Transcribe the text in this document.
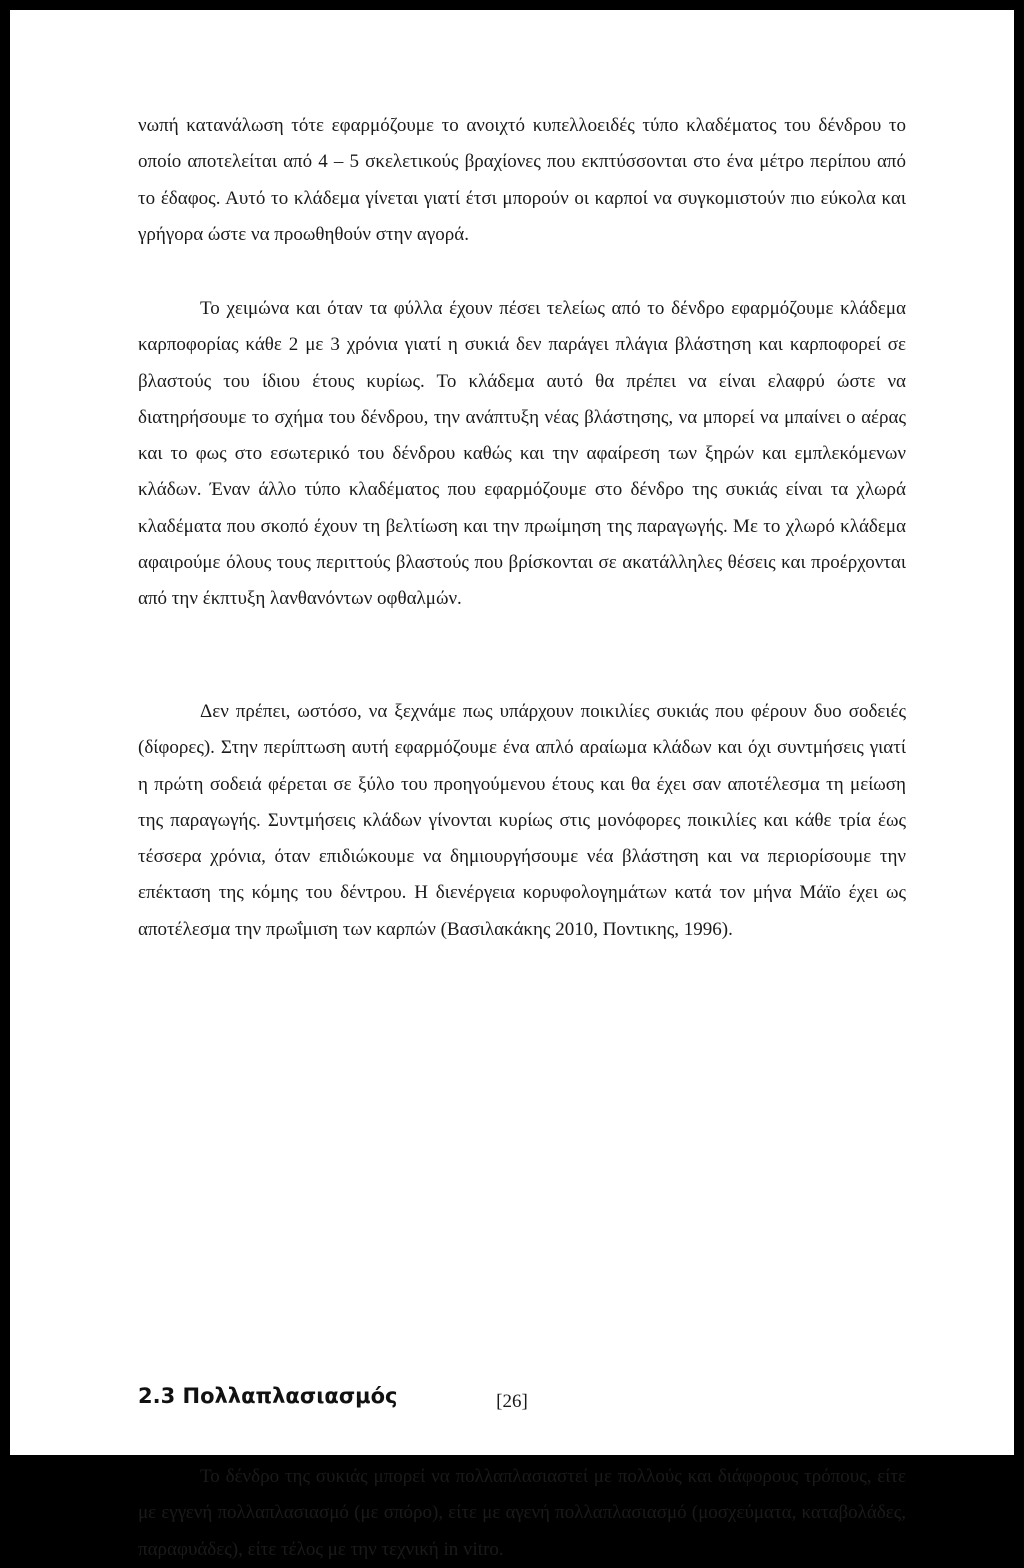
νωπή κατανάλωση τότε εφαρμόζουμε το ανοιχτό κυπελλοειδές τύπο κλαδέματος του δένδρου το οποίο αποτελείται από 4 – 5 σκελετικούς βραχίονες που εκπτύσσονται στο ένα μέτρο περίπου από το έδαφος. Αυτό το κλάδεμα γίνεται γιατί έτσι μπορούν οι καρποί να συγκομιστούν πιο εύκολα και γρήγορα ώστε να προωθηθούν στην αγορά.

Το χειμώνα και όταν τα φύλλα έχουν πέσει τελείως από το δένδρο εφαρμόζουμε κλάδεμα καρποφορίας κάθε 2 με 3 χρόνια γιατί η συκιά δεν παράγει πλάγια βλάστηση και καρποφορεί σε βλαστούς του ίδιου έτους κυρίως. Το κλάδεμα αυτό θα πρέπει να είναι ελαφρύ ώστε να διατηρήσουμε το σχήμα του δένδρου, την ανάπτυξη νέας βλάστησης, να μπορεί να μπαίνει ο αέρας και το φως στο εσωτερικό του δένδρου καθώς και την αφαίρεση των ξηρών και εμπλεκόμενων κλάδων. Έναν άλλο τύπο κλαδέματος που εφαρμόζουμε στο δένδρο της συκιάς είναι τα χλωρά κλαδέματα που σκοπό έχουν τη βελτίωση και την πρωίμηση της παραγωγής. Με το χλωρό κλάδεμα αφαιρούμε όλους τους περιττούς βλαστούς που βρίσκονται σε ακατάλληλες θέσεις και προέρχονται από την έκπτυξη λανθανόντων οφθαλμών.

Δεν πρέπει, ωστόσο, να ξεχνάμε πως υπάρχουν ποικιλίες συκιάς που φέρουν δυο σοδειές (δίφορες). Στην περίπτωση αυτή εφαρμόζουμε ένα απλό αραίωμα κλάδων και όχι συντμήσεις γιατί η πρώτη σοδειά φέρεται σε ξύλο του προηγούμενου έτους και θα έχει σαν αποτέλεσμα τη μείωση της παραγωγής. Συντμήσεις κλάδων γίνονται κυρίως στις μονόφορες ποικιλίες και κάθε τρία έως τέσσερα χρόνια, όταν επιδιώκουμε να δημιουργήσουμε νέα βλάστηση και να περιορίσουμε την επέκταση της κόμης του δέντρου. Η διενέργεια κορυφολογημάτων κατά τον μήνα Μάϊο έχει ως αποτέλεσμα την πρωΐμιση των καρπών (Βασιλακάκης 2010, Ποντικης, 1996).

2.3 Πολλαπλασιασμός

Το δένδρο της συκιάς μπορεί να πολλαπλασιαστεί με πολλούς και διάφορους τρόπους, είτε με εγγενή πολλαπλασιασμό (με σπόρο), είτε με αγενή πολλαπλασιασμό (μοσχεύματα, καταβολάδες, παραφυάδες), είτε τέλος με την τεχνική in vitro.

[26]
